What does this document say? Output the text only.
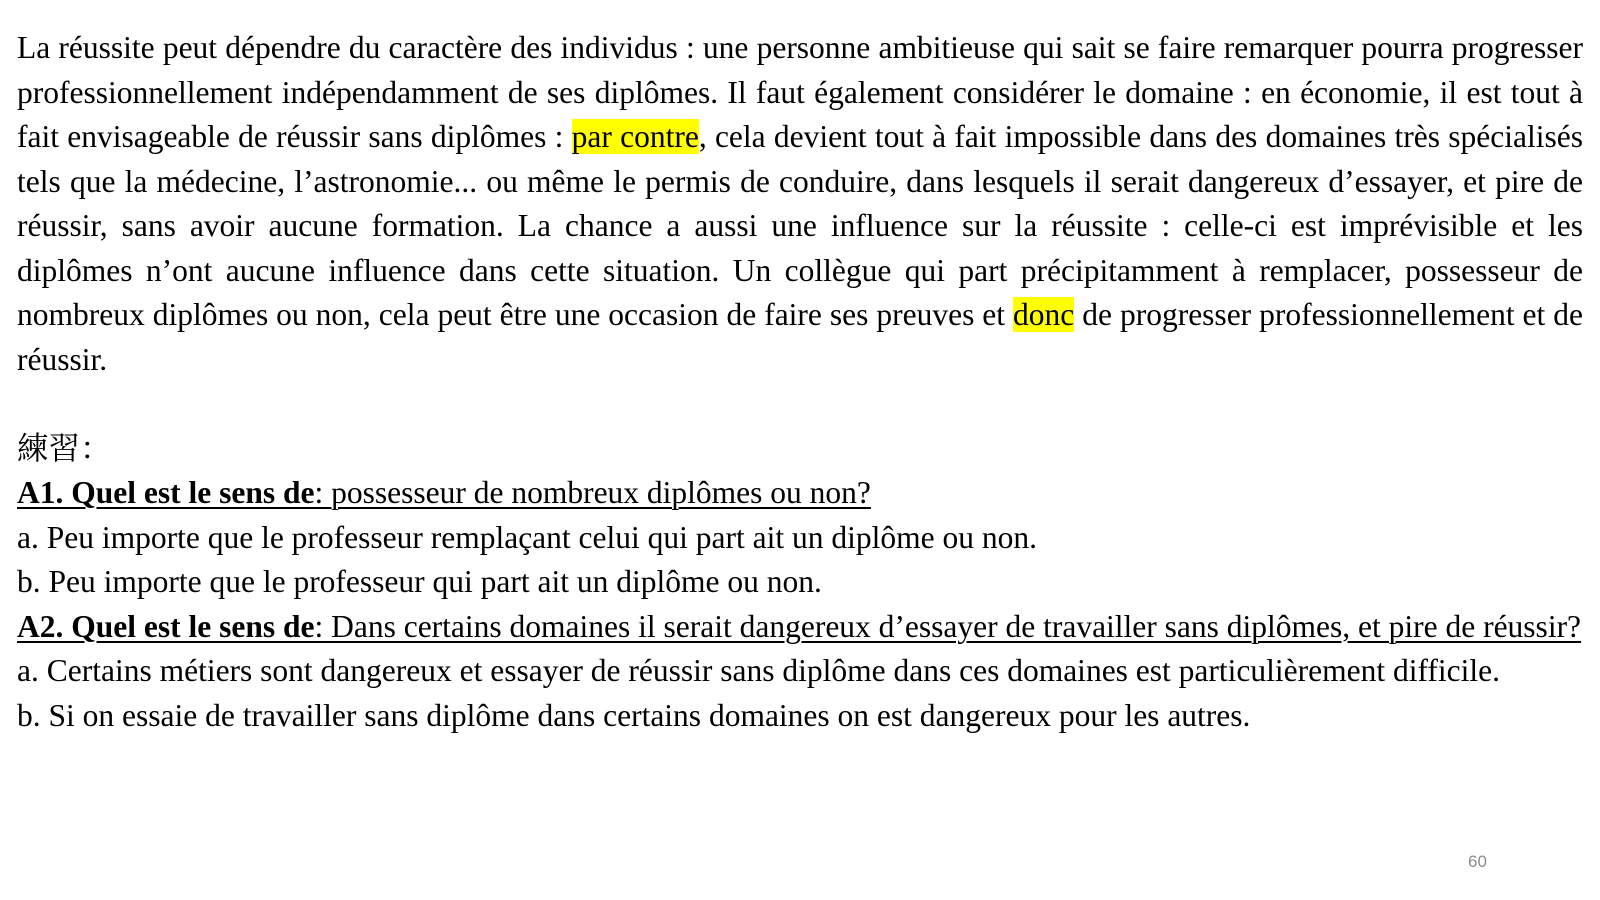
La réussite peut dépendre du caractère des individus : une personne ambitieuse qui sait se faire remarquer pourra progresser professionnellement indépendamment de ses diplômes. Il faut également considérer le domaine : en économie, il est tout à fait envisageable de réussir sans diplômes : par contre, cela devient tout à fait impossible dans des domaines très spécialisés tels que la médecine, l’astronomie... ou même le permis de conduire, dans lesquels il serait dangereux d’essayer, et pire de réussir, sans avoir aucune formation. La chance a aussi une influence sur la réussite : celle-ci est imprévisible et les diplômes n’ont aucune influence dans cette situation. Un collègue qui part précipitamment à remplacer, possesseur de nombreux diplômes ou non, cela peut être une occasion de faire ses preuves et donc de progresser professionnellement et de réussir.

練習：

A1. Quel est le sens de: possesseur de nombreux diplômes ou non?

a. Peu importe que le professeur remplaçant celui qui part ait un diplôme ou non.

b. Peu importe que le professeur qui part ait un diplôme ou non.

A2. Quel est le sens de: Dans certains domaines il serait dangereux d’essayer de travailler sans diplômes, et pire de réussir?

a. Certains métiers sont dangereux et essayer de réussir sans diplôme dans ces domaines est particulièrement difficile.

b. Si on essaie de travailler sans diplôme dans certains domaines on est dangereux pour les autres.

60
